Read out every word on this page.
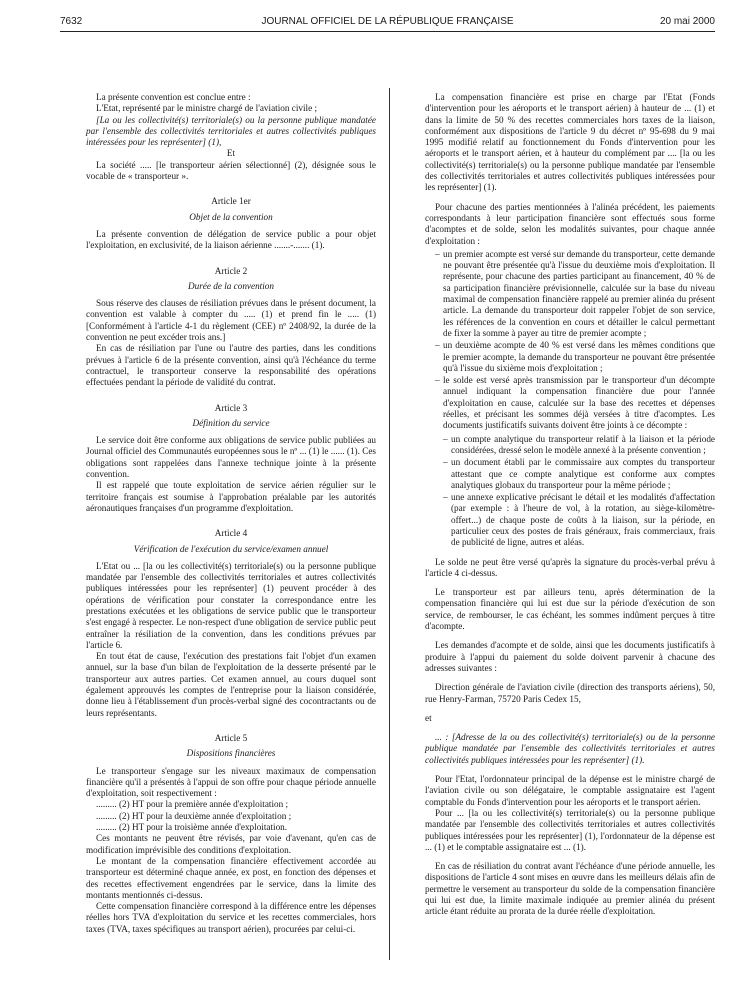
7632	JOURNAL OFFICIEL DE LA RÉPUBLIQUE FRANÇAISE	20 mai 2000

La présente convention est conclue entre :

L'Etat, représenté par le ministre chargé de l'aviation civile ;

[La ou les collectivité(s) territoriale(s) ou la personne publique mandatée par l'ensemble des collectivités territoriales et autres collectivités publiques intéressées pour les représenter] (1),

Et

La société ..... [le transporteur aérien sélectionné] (2), désignée sous le vocable de « transporteur ».

Article 1er

Objet de la convention

La présente convention de délégation de service public a pour objet l'exploitation, en exclusivité, de la liaison aérienne .......-....... (1).

Article 2

Durée de la convention

Sous réserve des clauses de résiliation prévues dans le présent document, la convention est valable à compter du ..... (1) et prend fin le ..... (1) [Conformément à l'article 4-1 du règlement (CEE) nº 2408/92, la durée de la convention ne peut excéder trois ans.]

En cas de résiliation par l'une ou l'autre des parties, dans les conditions prévues à l'article 6 de la présente convention, ainsi qu'à l'échéance du terme contractuel, le transporteur conserve la responsabilité des opérations effectuées pendant la période de validité du contrat.

Article 3

Définition du service

Le service doit être conforme aux obligations de service public publiées au Journal officiel des Communautés européennes sous le nº ... (1) le ...... (1). Ces obligations sont rappelées dans l'annexe technique jointe à la présente convention.

Il est rappelé que toute exploitation de service aérien régulier sur le territoire français est soumise à l'approbation préalable par les autorités aéronautiques françaises d'un programme d'exploitation.

Article 4

Vérification de l'exécution du service/examen annuel

L'Etat ou ... [la ou les collectivité(s) territoriale(s) ou la personne publique mandatée par l'ensemble des collectivités territoriales et autres collectivités publiques intéressées pour les représenter] (1) peuvent procéder à des opérations de vérification pour constater la correspondance entre les prestations exécutées et les obligations de service public que le transporteur s'est engagé à respecter. Le non-respect d'une obligation de service public peut entraîner la résiliation de la convention, dans les conditions prévues par l'article 6.

En tout état de cause, l'exécution des prestations fait l'objet d'un examen annuel, sur la base d'un bilan de l'exploitation de la desserte présenté par le transporteur aux autres parties. Cet examen annuel, au cours duquel sont également approuvés les comptes de l'entreprise pour la liaison considérée, donne lieu à l'établissement d'un procès-verbal signé des cocontractants ou de leurs représentants.

Article 5

Dispositions financières

Le transporteur s'engage sur les niveaux maximaux de compensation financière qu'il a présentés à l'appui de son offre pour chaque période annuelle d'exploitation, soit respectivement :

......... (2) HT pour la première année d'exploitation ;

......... (2) HT pour la deuxième année d'exploitation ;

......... (2) HT pour la troisième année d'exploitation.

Ces montants ne peuvent être révisés, par voie d'avenant, qu'en cas de modification imprévisible des conditions d'exploitation.

Le montant de la compensation financière effectivement accordée au transporteur est déterminé chaque année, ex post, en fonction des dépenses et des recettes effectivement engendrées par le service, dans la limite des montants mentionnés ci-dessus.

Cette compensation financière correspond à la différence entre les dépenses réelles hors TVA d'exploitation du service et les recettes commerciales, hors taxes (TVA, taxes spécifiques au transport aérien), procurées par celui-ci.

La compensation financière est prise en charge par l'Etat (Fonds d'intervention pour les aéroports et le transport aérien) à hauteur de ... (1) et dans la limite de 50 % des recettes commerciales hors taxes de la liaison, conformément aux dispositions de l'article 9 du décret nº 95-698 du 9 mai 1995 modifié relatif au fonctionnement du Fonds d'intervention pour les aéroports et le transport aérien, et à hauteur du complément par .... [la ou les collectivité(s) territoriale(s) ou la personne publique mandatée par l'ensemble des collectivités territoriales et autres collectivités publiques intéressées pour les représenter] (1).

Pour chacune des parties mentionnées à l'alinéa précédent, les paiements correspondants à leur participation financière sont effectués sous forme d'acomptes et de solde, selon les modalités suivantes, pour chaque année d'exploitation :

– un premier acompte est versé sur demande du transporteur, cette demande ne pouvant être présentée qu'à l'issue du deuxième mois d'exploitation. Il représente, pour chacune des parties participant au financement, 40 % de sa participation financière prévisionnelle, calculée sur la base du niveau maximal de compensation financière rappelé au premier alinéa du présent article. La demande du transporteur doit rappeler l'objet de son service, les références de la convention en cours et détailler le calcul permettant de fixer la somme à payer au titre de premier acompte ;
– un deuxième acompte de 40 % est versé dans les mêmes conditions que le premier acompte, la demande du transporteur ne pouvant être présentée qu'à l'issue du sixième mois d'exploitation ;
– le solde est versé après transmission par le transporteur d'un décompte annuel indiquant la compensation financière due pour l'année d'exploitation en cause, calculée sur la base des recettes et dépenses réelles, et précisant les sommes déjà versées à titre d'acomptes. Les documents justificatifs suivants doivent être joints à ce décompte :
– un compte analytique du transporteur relatif à la liaison et la période considérées, dressé selon le modèle annexé à la présente convention ;
– un document établi par le commissaire aux comptes du transporteur attestant que ce compte analytique est conforme aux comptes analytiques globaux du transporteur pour la même période ;
– une annexe explicative précisant le détail et les modalités d'affectation (par exemple : à l'heure de vol, à la rotation, au siège-kilomètre-offert...) de chaque poste de coûts à la liaison, sur la période, en particulier ceux des postes de frais généraux, frais commerciaux, frais de publicité de ligne, autres et aléas.

Le solde ne peut être versé qu'après la signature du procès-verbal prévu à l'article 4 ci-dessus.

Le transporteur est par ailleurs tenu, après détermination de la compensation financière qui lui est due sur la période d'exécution de son service, de rembourser, le cas échéant, les sommes indûment perçues à titre d'acompte.

Les demandes d'acompte et de solde, ainsi que les documents justificatifs à produire à l'appui du paiement du solde doivent parvenir à chacune des adresses suivantes :

Direction générale de l'aviation civile (direction des transports aériens), 50, rue Henry-Farman, 75720 Paris Cedex 15,

et

... : [Adresse de la ou des collectivité(s) territoriale(s) ou de la personne publique mandatée par l'ensemble des collectivités territoriales et autres collectivités publiques intéressées pour les représenter] (1).

Pour l'Etat, l'ordonnateur principal de la dépense est le ministre chargé de l'aviation civile ou son délégataire, le comptable assignataire est l'agent comptable du Fonds d'intervention pour les aéroports et le transport aérien.

Pour ... [la ou les collectivité(s) territoriale(s) ou la personne publique mandatée par l'ensemble des collectivités territoriales et autres collectivités publiques intéressées pour les représenter] (1), l'ordonnateur de la dépense est ... (1) et le comptable assignataire est ... (1).

En cas de résiliation du contrat avant l'échéance d'une période annuelle, les dispositions de l'article 4 sont mises en œuvre dans les meilleurs délais afin de permettre le versement au transporteur du solde de la compensation financière qui lui est due, la limite maximale indiquée au premier alinéa du présent article étant réduite au prorata de la durée réelle d'exploitation.
